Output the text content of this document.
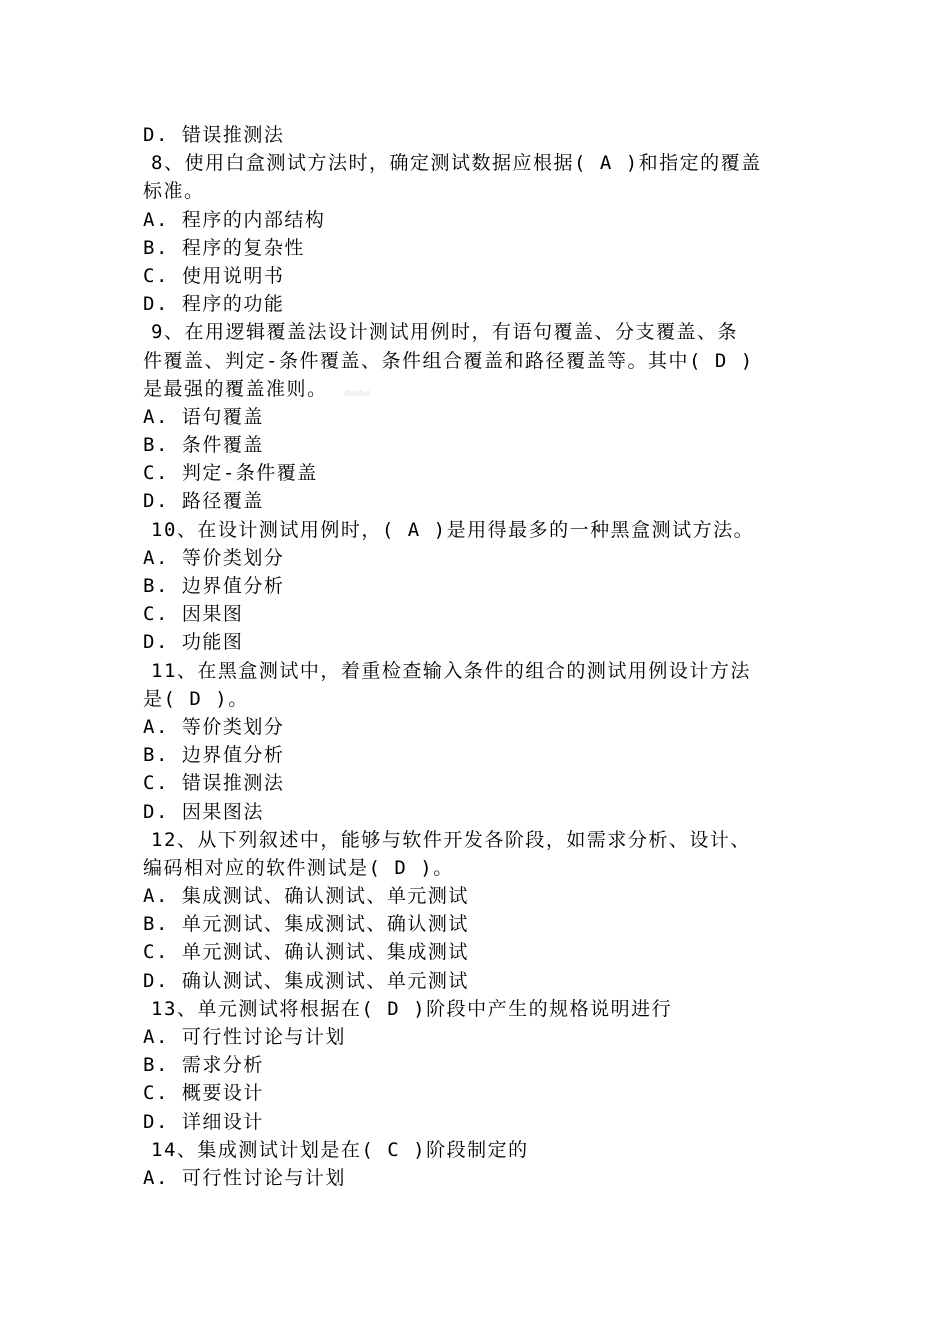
D. 错误推测法
8、使用白盒测试方法时，确定测试数据应根据( A )和指定的覆盖
标准。
A. 程序的内部结构
B. 程序的复杂性
C. 使用说明书
D. 程序的功能
9、在用逻辑覆盖法设计测试用例时，有语句覆盖、分支覆盖、条
件覆盖、判定-条件覆盖、条件组合覆盖和路径覆盖等。其中( D )
是最强的覆盖准则。
A. 语句覆盖
B. 条件覆盖
C. 判定-条件覆盖
D. 路径覆盖
10、在设计测试用例时，( A )是用得最多的一种黑盒测试方法。
A. 等价类划分
B. 边界值分析
C. 因果图
D. 功能图
11、在黑盒测试中，着重检查输入条件的组合的测试用例设计方法
是( D )。
A. 等价类划分
B. 边界值分析
C. 错误推测法
D. 因果图法
12、从下列叙述中，能够与软件开发各阶段，如需求分析、设计、
编码相对应的软件测试是( D )。
A. 集成测试、确认测试、单元测试
B. 单元测试、集成测试、确认测试
C. 单元测试、确认测试、集成测试
D. 确认测试、集成测试、单元测试
13、单元测试将根据在( D )阶段中产生的规格说明进行
A. 可行性讨论与计划
B. 需求分析
C. 概要设计
D. 详细设计
14、集成测试计划是在( C )阶段制定的
A. 可行性讨论与计划
dfsdfsd
